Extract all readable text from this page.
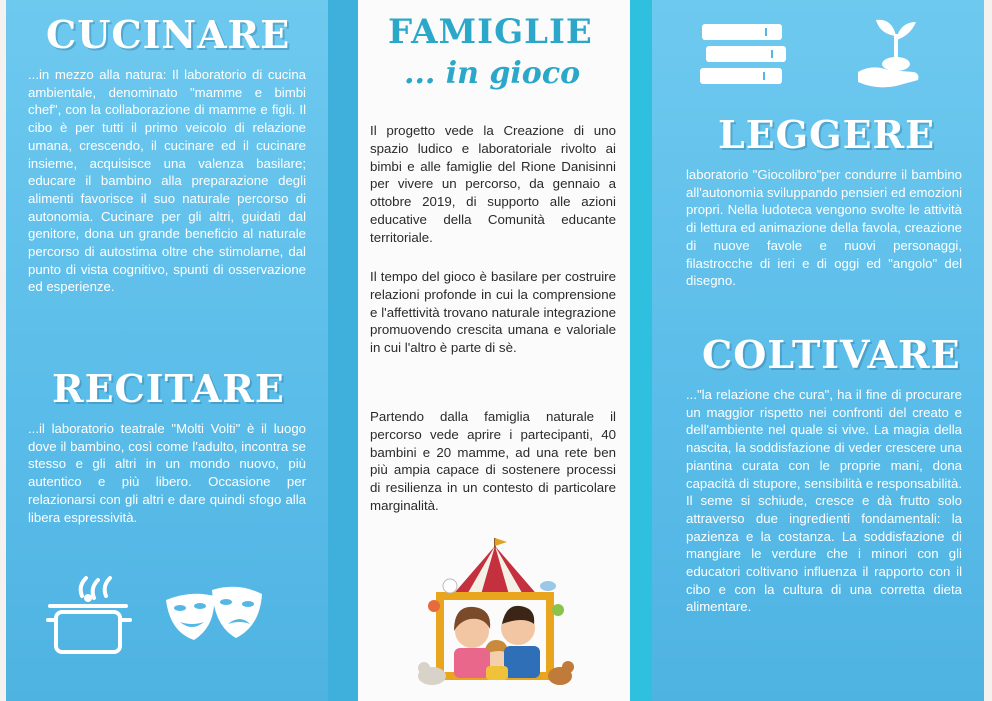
CUCINARE

...in mezzo alla natura: Il laboratorio di cucina ambientale, denominato "mamme e bimbi chef", con la collaborazione di mamme e figli. Il cibo è per tutti il primo veicolo di relazione umana, crescendo, il cucinare ed il cucinare insieme, acquisisce una valenza basilare; educare il bambino alla preparazione degli alimenti favorisce il suo naturale percorso di autonomia. Cucinare per gli altri, guidati dal genitore, dona un grande beneficio al naturale percorso di autostima oltre che stimolarne, dal punto di vista cognitivo, spunti di osservazione ed esperienze.

RECITARE

...il laboratorio teatrale "Molti Volti" è il luogo dove il bambino, così come l'adulto, incontra se stesso e gli altri in un mondo nuovo, più autentico e più libero. Occasione per relazionarsi con gli altri e dare quindi sfogo alla libera espressività.

FAMIGLIE
... in gioco

Il progetto vede la Creazione di uno spazio ludico e laboratoriale rivolto ai bimbi e alle famiglie del Rione Danisinni per vivere un percorso, da gennaio a ottobre 2019, di supporto alle azioni educative della Comunità educante territoriale.

Il tempo del gioco è basilare per costruire relazioni profonde in cui la comprensione e l'affettività trovano naturale integrazione promuovendo crescita umana e valoriale in cui l'altro è parte di sè.

Partendo dalla famiglia naturale il percorso vede aprire i partecipanti, 40 bambini e 20 mamme, ad una rete ben più ampia capace di sostenere processi di resilienza in un contesto di particolare marginalità.

LEGGERE

laboratorio "Giocolibro"per condurre il bambino all'autonomia sviluppando pensieri ed emozioni propri. Nella ludoteca vengono svolte le attività di lettura ed animazione della favola, creazione di nuove favole e nuovi personaggi, filastrocche di ieri e di oggi ed "angolo" del disegno.

COLTIVARE

..."la relazione che cura", ha il fine di procurare un maggior rispetto nei confronti del creato e dell'ambiente nel quale si vive. La magia della nascita, la soddisfazione di veder crescere una piantina curata con le proprie mani, dona capacità di stupore, sensibilità e responsabilità. Il seme si schiude, cresce e dà frutto solo attraverso due ingredienti fondamentali: la pazienza e la costanza. La soddisfazione di mangiare le verdure che i minori con gli educatori coltivano influenza il rapporto con il cibo e con la cultura di una corretta dieta alimentare.
